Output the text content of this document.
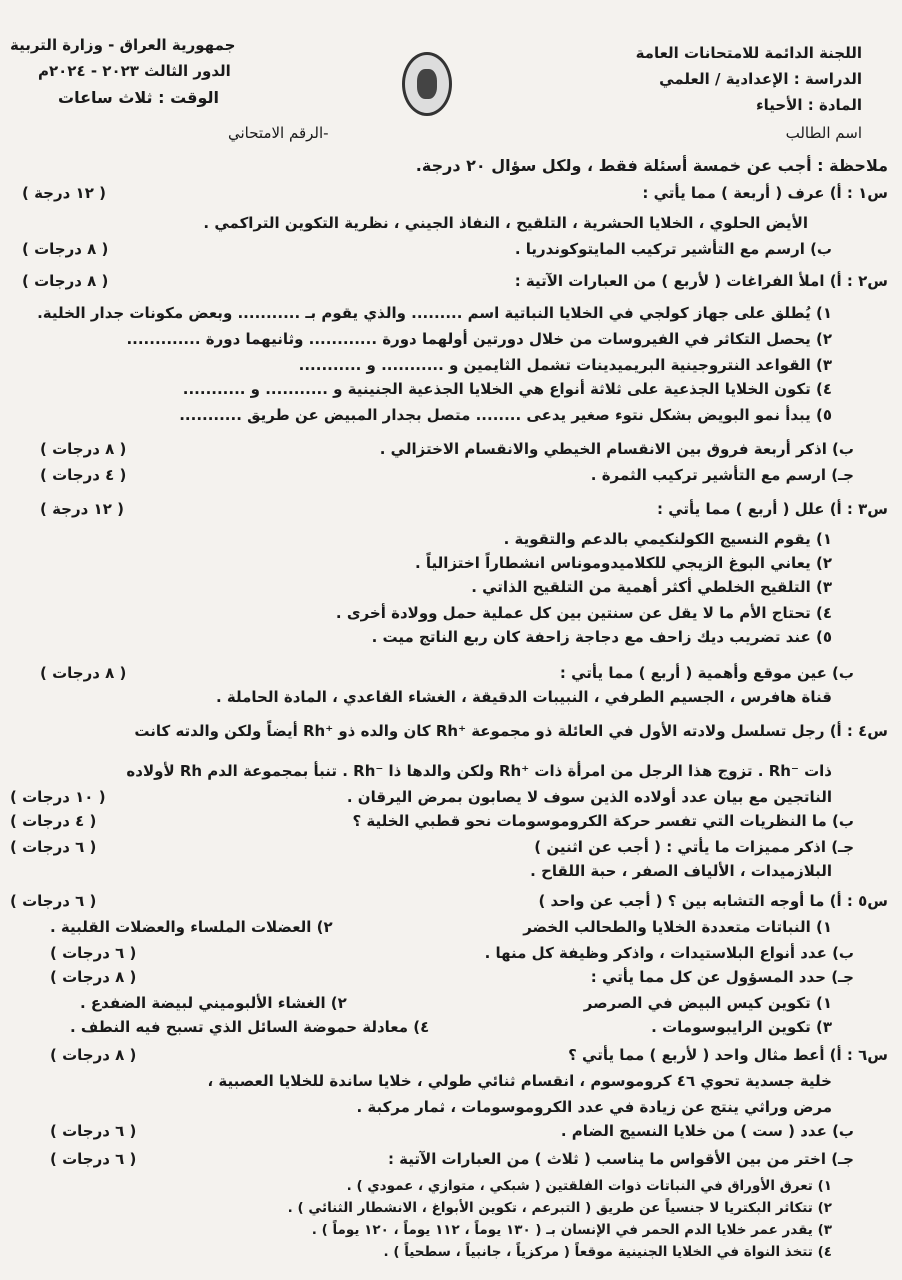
اللجنة الدائمة للامتحانات العامة
الدراسة : الإعدادية / العلمي
المادة : الأحياء
اسم الطالب
جمهورية العراق - وزارة التربية
الدور الثالث ٢٠٢٣ - ٢٠٢٤م
الوقت : ثلاث ساعات
-الرقم الامتحاني
ملاحظة : أجب عن خمسة أسئلة فقط ، ولكل سؤال ٢٠ درجة.
س١ : أ) عرف ( أربعة ) مما يأتي :
( ١٢ درجة )
الأيض الحلوي ، الخلايا الحشرية ، التلقيح ، النفاذ الجيني ، نظرية التكوين التراكمي .
ب) ارسم مع التأشير تركيب المايتوكوندريا .
( ٨ درجات )
س٢ : أ) املأ الفراغات ( لأربع ) من العبارات الآتية :
( ٨ درجات )
١) يُطلق على جهاز كولجي في الخلايا النباتية اسم ......... والذي يقوم بـ ........... وبعض مكونات جدار الخلية.
٢) يحصل التكاثر في الفيروسات من خلال دورتين أولهما دورة ............ وثانيهما دورة .............
٣) القواعد النتروجينية البريميدينات تشمل الثايمين و ........... و ...........
٤) تكون الخلايا الجذعية على ثلاثة أنواع هي الخلايا الجذعية الجنينية و ........... و ...........
٥) يبدأ نمو البويض بشكل نتوء صغير يدعى ........ متصل بجدار المبيض عن طريق ...........
ب) اذكر أربعة فروق بين الانقسام الخيطي والانقسام الاختزالي .
( ٨ درجات )
جـ) ارسم مع التأشير تركيب الثمرة .
( ٤ درجات )
س٣ : أ) علل ( أربع ) مما يأتي :
( ١٢ درجة )
١) يقوم النسيج الكولنكيمي بالدعم والتقوية .
٢) يعاني البوغ الزيجي للكلاميدوموناس انشطاراً اختزالياً .
٣) التلقيح الخلطي أكثر أهمية من التلقيح الذاتي .
٤) تحتاج الأم ما لا يقل عن سنتين بين كل عملية حمل وولادة أخرى .
٥) عند تضريب ديك زاحف مع دجاجة زاحفة كان ربع الناتج ميت .
ب) عين موقع وأهمية ( أربع ) مما يأتي :
( ٨ درجات )
قناة هافرس ، الجسيم الطرفي ، النبيبات الدقيقة ، الغشاء القاعدي ، المادة الحاملة .
س٤ : أ) رجل تسلسل ولادته الأول في العائلة ذو مجموعة ⁺Rh كان والده ذو ⁺Rh أيضاً ولكن والدته كانت
ذات ⁻Rh . تزوج هذا الرجل من امرأة ذات ⁺Rh ولكن والدها ذا ⁻Rh . تنبأ بمجموعة الدم Rh لأولاده
الناتجين مع بيان عدد أولاده الذين سوف لا يصابون بمرض اليرقان .
( ١٠ درجات )
ب) ما النظريات التي تفسر حركة الكروموسومات نحو قطبي الخلية ؟
( ٤ درجات )
جـ) اذكر مميزات ما يأتي : ( أجب عن اثنين )
( ٦ درجات )
البلازميدات ، الألياف الصفر ، حبة اللقاح .
س٥ : أ) ما أوجه التشابه بين ؟ ( أجب عن واحد )
( ٦ درجات )
١) النباتات متعددة الخلايا والطحالب الخضر
٢) العضلات الملساء والعضلات القلبية .
ب) عدد أنواع البلاستيدات ، واذكر وظيفة كل منها .
( ٦ درجات )
جـ) حدد المسؤول عن كل مما يأتي :
( ٨ درجات )
١) تكوين كيس البيض في الصرصر
٢) الغشاء الألبوميني لبيضة الضفدع .
٣) تكوين الرايبوسومات .
٤) معادلة حموضة السائل الذي تسبح فيه النطف .
س٦ : أ) أعط مثال واحد ( لأربع ) مما يأتي ؟
( ٨ درجات )
خلية جسدية تحوي ٤٦ كروموسوم ، انقسام ثنائي طولي ، خلايا ساندة للخلايا العصبية ،
مرض وراثي ينتج عن زيادة في عدد الكروموسومات ، ثمار مركبة .
ب) عدد ( ست ) من خلايا النسيج الضام .
( ٦ درجات )
جـ) اختر من بين الأقواس ما يناسب ( ثلاث ) من العبارات الآتية :
( ٦ درجات )
١) تعرق الأوراق في النباتات ذوات الفلقتين ( شبكي ، متوازي ، عمودي ) .
٢) تتكاثر البكتريا لا جنسياً عن طريق ( التبرعم ، تكوين الأبواغ ، الانشطار الثنائي ) .
٣) يقدر عمر خلايا الدم الحمر في الإنسان بـ ( ١٣٠ يوماً ، ١١٢ يوماً ، ١٢٠ يوماً ) .
٤) تتخذ النواة في الخلايا الجنينية موقعاً ( مركزياً ، جانبياً ، سطحياً ) .
